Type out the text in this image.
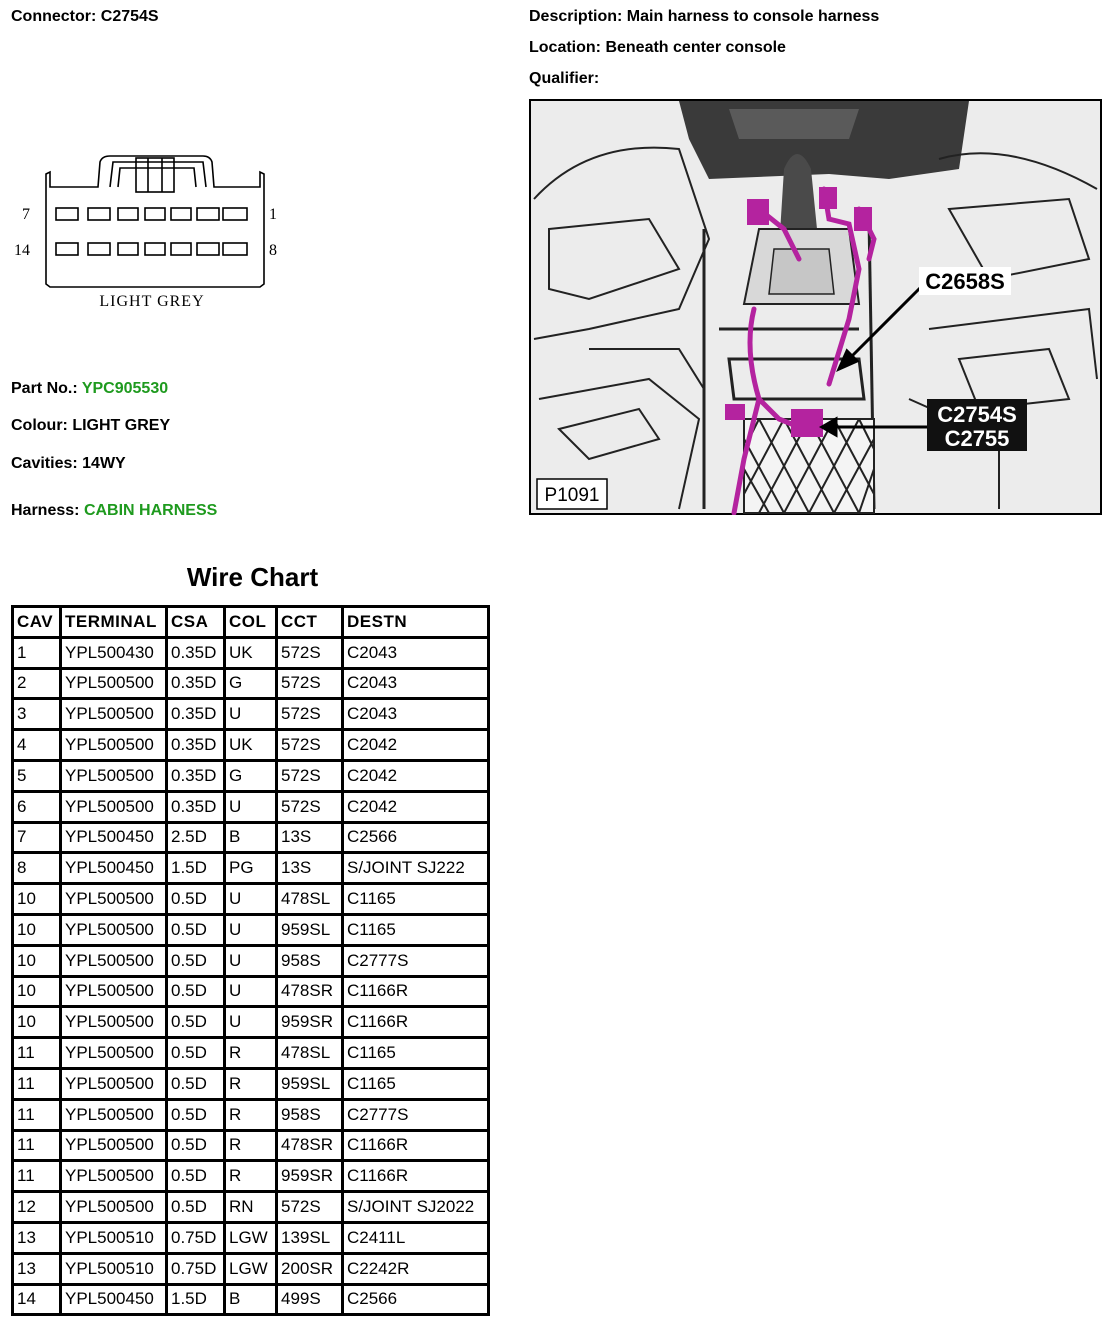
Connector: C2754S	Description: Main harness to console harness
Location: Beneath center console
Qualifier:
7	1
14	8
LIGHT GREY
Part No.: YPC905530
Colour: LIGHT GREY
Cavities: 14WY
Harness: CABIN HARNESS
C2658S
C2754S
C2755
P1091
Wire Chart
CAV	TERMINAL	CSA	COL	CCT	DESTN
1	YPL500430	0.35D	UK	572S	C2043
2	YPL500500	0.35D	G	572S	C2043
3	YPL500500	0.35D	U	572S	C2043
4	YPL500500	0.35D	UK	572S	C2042
5	YPL500500	0.35D	G	572S	C2042
6	YPL500500	0.35D	U	572S	C2042
7	YPL500450	2.5D	B	13S	C2566
8	YPL500450	1.5D	PG	13S	S/JOINT SJ222
10	YPL500500	0.5D	U	478SL	C1165
10	YPL500500	0.5D	U	959SL	C1165
10	YPL500500	0.5D	U	958S	C2777S
10	YPL500500	0.5D	U	478SR	C1166R
10	YPL500500	0.5D	U	959SR	C1166R
11	YPL500500	0.5D	R	478SL	C1165
11	YPL500500	0.5D	R	959SL	C1165
11	YPL500500	0.5D	R	958S	C2777S
11	YPL500500	0.5D	R	478SR	C1166R
11	YPL500500	0.5D	R	959SR	C1166R
12	YPL500500	0.5D	RN	572S	S/JOINT SJ2022
13	YPL500510	0.75D	LGW	139SL	C2411L
13	YPL500510	0.75D	LGW	200SR	C2242R
14	YPL500450	1.5D	B	499S	C2566
